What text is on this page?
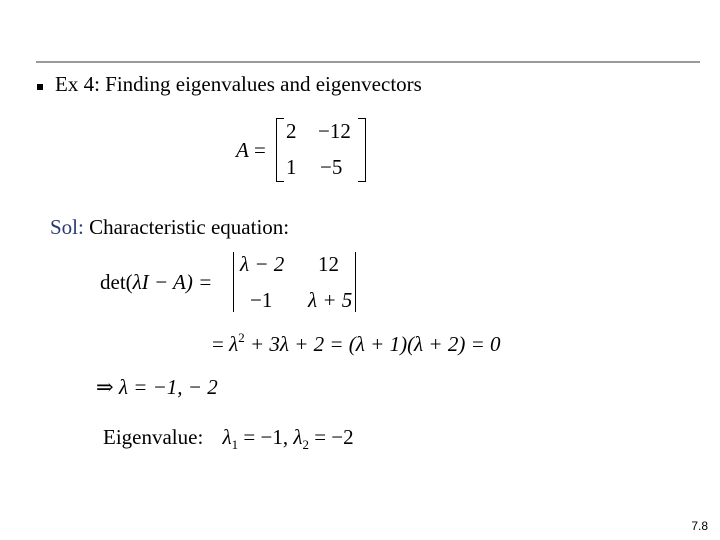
Ex 4: Finding eigenvalues and eigenvectors
A =
2 −12
1 −5
Sol: Characteristic equation:
det(λI − A) =
λ − 2 12
−1 λ + 5
= $\lambda^2 + 3\lambda + 2 = (\lambda + 1)(\lambda + 2) = 0$
⇒ λ = −1, − 2
Eigenvalue: $\lambda_1 = -1$, $\lambda_2 = -2$
7.8
